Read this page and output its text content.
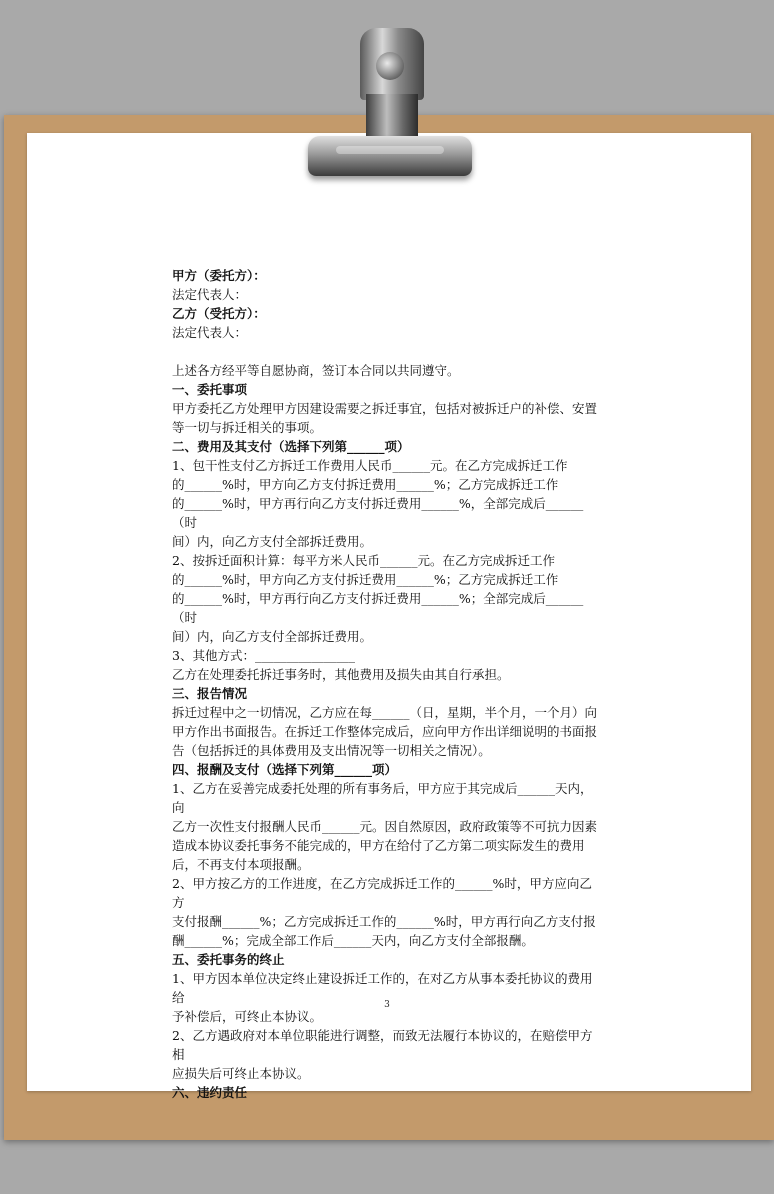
甲方（委托方）：

法定代表人：

乙方（受托方）：

法定代表人：

上述各方经平等自愿协商，签订本合同以共同遵守。

一、委托事项

甲方委托乙方处理甲方因建设需要之拆迁事宜，包括对被拆迁户的补偿、安置

等一切与拆迁相关的事项。

二、费用及其支付（选择下列第______项）

1、包干性支付乙方拆迁工作费用人民币______元。在乙方完成拆迁工作

的______%时，甲方向乙方支付拆迁费用______%；乙方完成拆迁工作

的______%时，甲方再行向乙方支付拆迁费用______%，全部完成后______（时

间）内，向乙方支付全部拆迁费用。

2、按拆迁面积计算：每平方米人民币______元。在乙方完成拆迁工作

的______%时，甲方向乙方支付拆迁费用______%；乙方完成拆迁工作

的______%时，甲方再行向乙方支付拆迁费用______%；全部完成后______（时

间）内，向乙方支付全部拆迁费用。

3、其他方式：________________

乙方在处理委托拆迁事务时，其他费用及损失由其自行承担。

三、报告情况

拆迁过程中之一切情况，乙方应在每______（日，星期，半个月，一个月）向

甲方作出书面报告。在拆迁工作整体完成后，应向甲方作出详细说明的书面报

告（包括拆迁的具体费用及支出情况等一切相关之情况）。

四、报酬及支付（选择下列第______项）

1、乙方在妥善完成委托处理的所有事务后，甲方应于其完成后______天内，向

乙方一次性支付报酬人民币______元。因自然原因，政府政策等不可抗力因素

造成本协议委托事务不能完成的，甲方在给付了乙方第二项实际发生的费用

后，不再支付本项报酬。

2、甲方按乙方的工作进度，在乙方完成拆迁工作的______%时，甲方应向乙方

支付报酬______%；乙方完成拆迁工作的______%时，甲方再行向乙方支付报

酬______%；完成全部工作后______天内，向乙方支付全部报酬。

五、委托事务的终止

1、甲方因本单位决定终止建设拆迁工作的，在对乙方从事本委托协议的费用给

予补偿后，可终止本协议。

2、乙方遇政府对本单位职能进行调整，而致无法履行本协议的，在赔偿甲方相

应损失后可终止本协议。

六、违约责任

3
